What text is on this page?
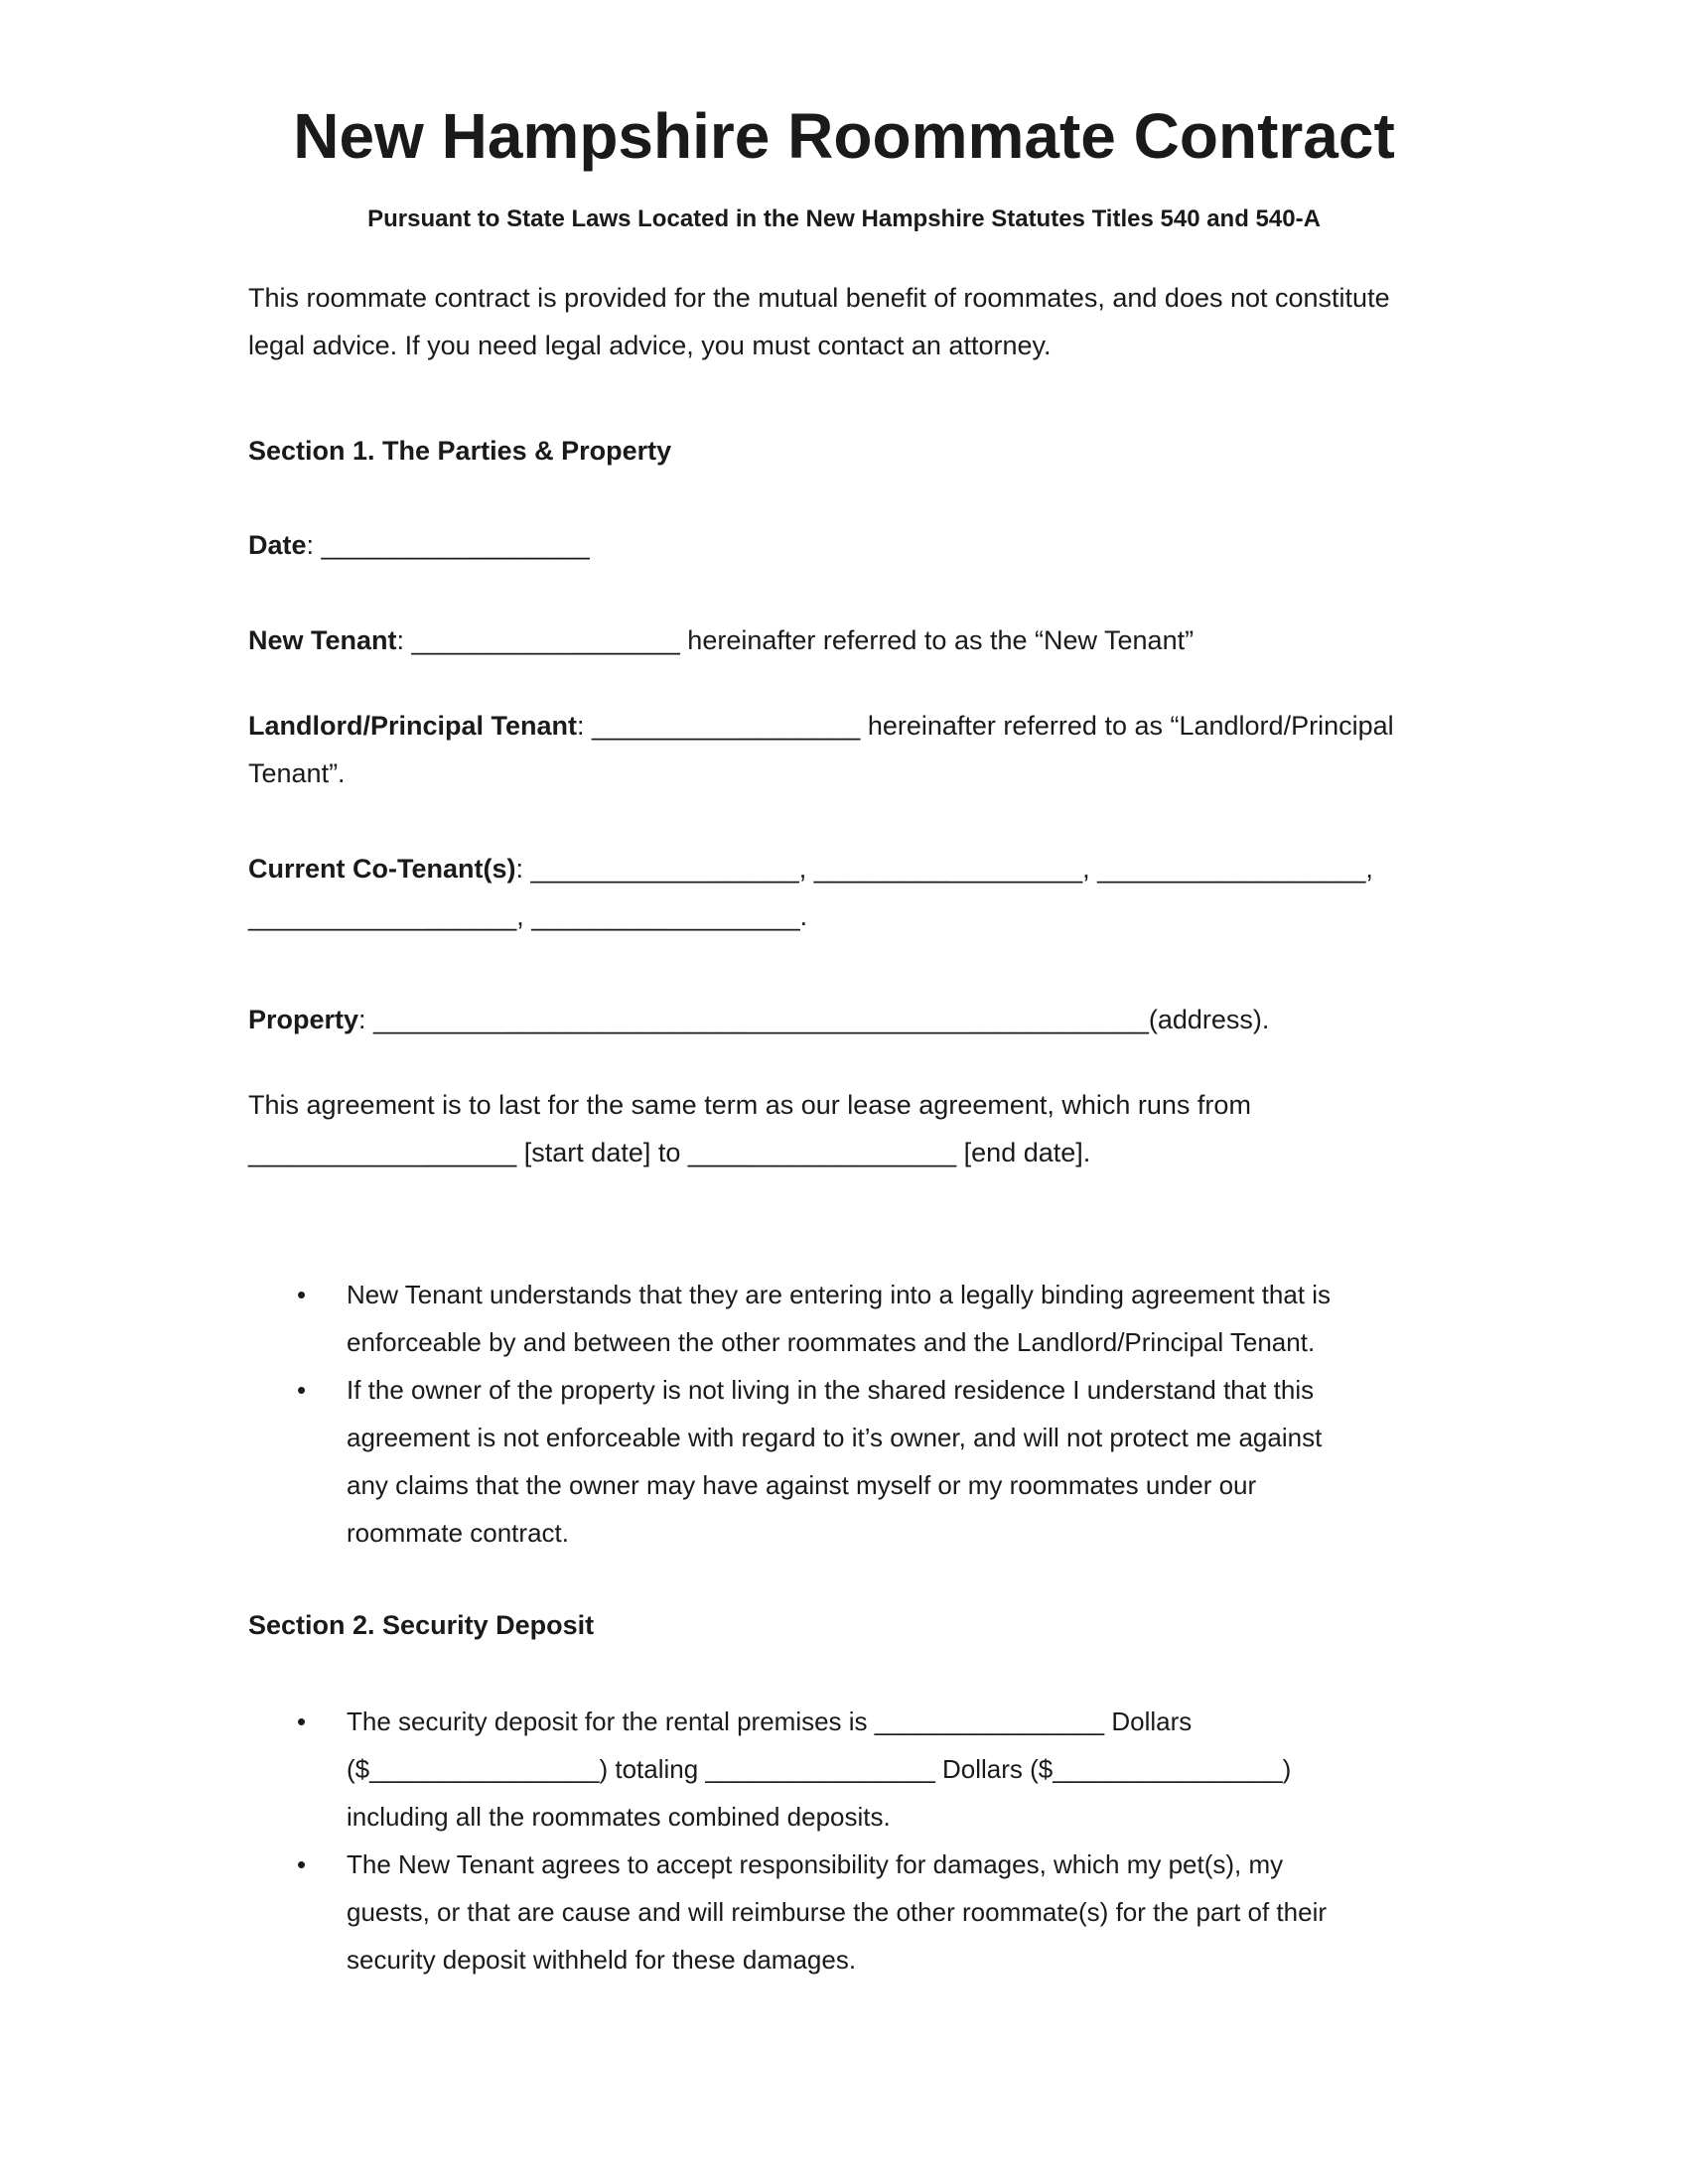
New Hampshire Roommate Contract

Pursuant to State Laws Located in the New Hampshire Statutes Titles 540 and 540-A

This roommate contract is provided for the mutual benefit of roommates, and does not constitute

legal advice. If you need legal advice, you must contact an attorney.

Section 1. The Parties & Property

Date: __________________

New Tenant: __________________ hereinafter referred to as the “New Tenant”

Landlord/Principal Tenant: __________________ hereinafter referred to as “Landlord/Principal

Tenant”.

Current Co-Tenant(s): __________________, __________________, __________________,

__________________, __________________.

Property: ____________________________________________________(address).

This agreement is to last for the same term as our lease agreement, which runs from

__________________ [start date] to __________________ [end date].

• New Tenant understands that they are entering into a legally binding agreement that is

enforceable by and between the other roommates and the Landlord/Principal Tenant.

• If the owner of the property is not living in the shared residence I understand that this

agreement is not enforceable with regard to it’s owner, and will not protect me against

any claims that the owner may have against myself or my roommates under our

roommate contract.

Section 2. Security Deposit

• The security deposit for the rental premises is ________________ Dollars

($________________) totaling ________________ Dollars ($________________)

including all the roommates combined deposits.

• The New Tenant agrees to accept responsibility for damages, which my pet(s), my

guests, or that are cause and will reimburse the other roommate(s) for the part of their

security deposit withheld for these damages.
